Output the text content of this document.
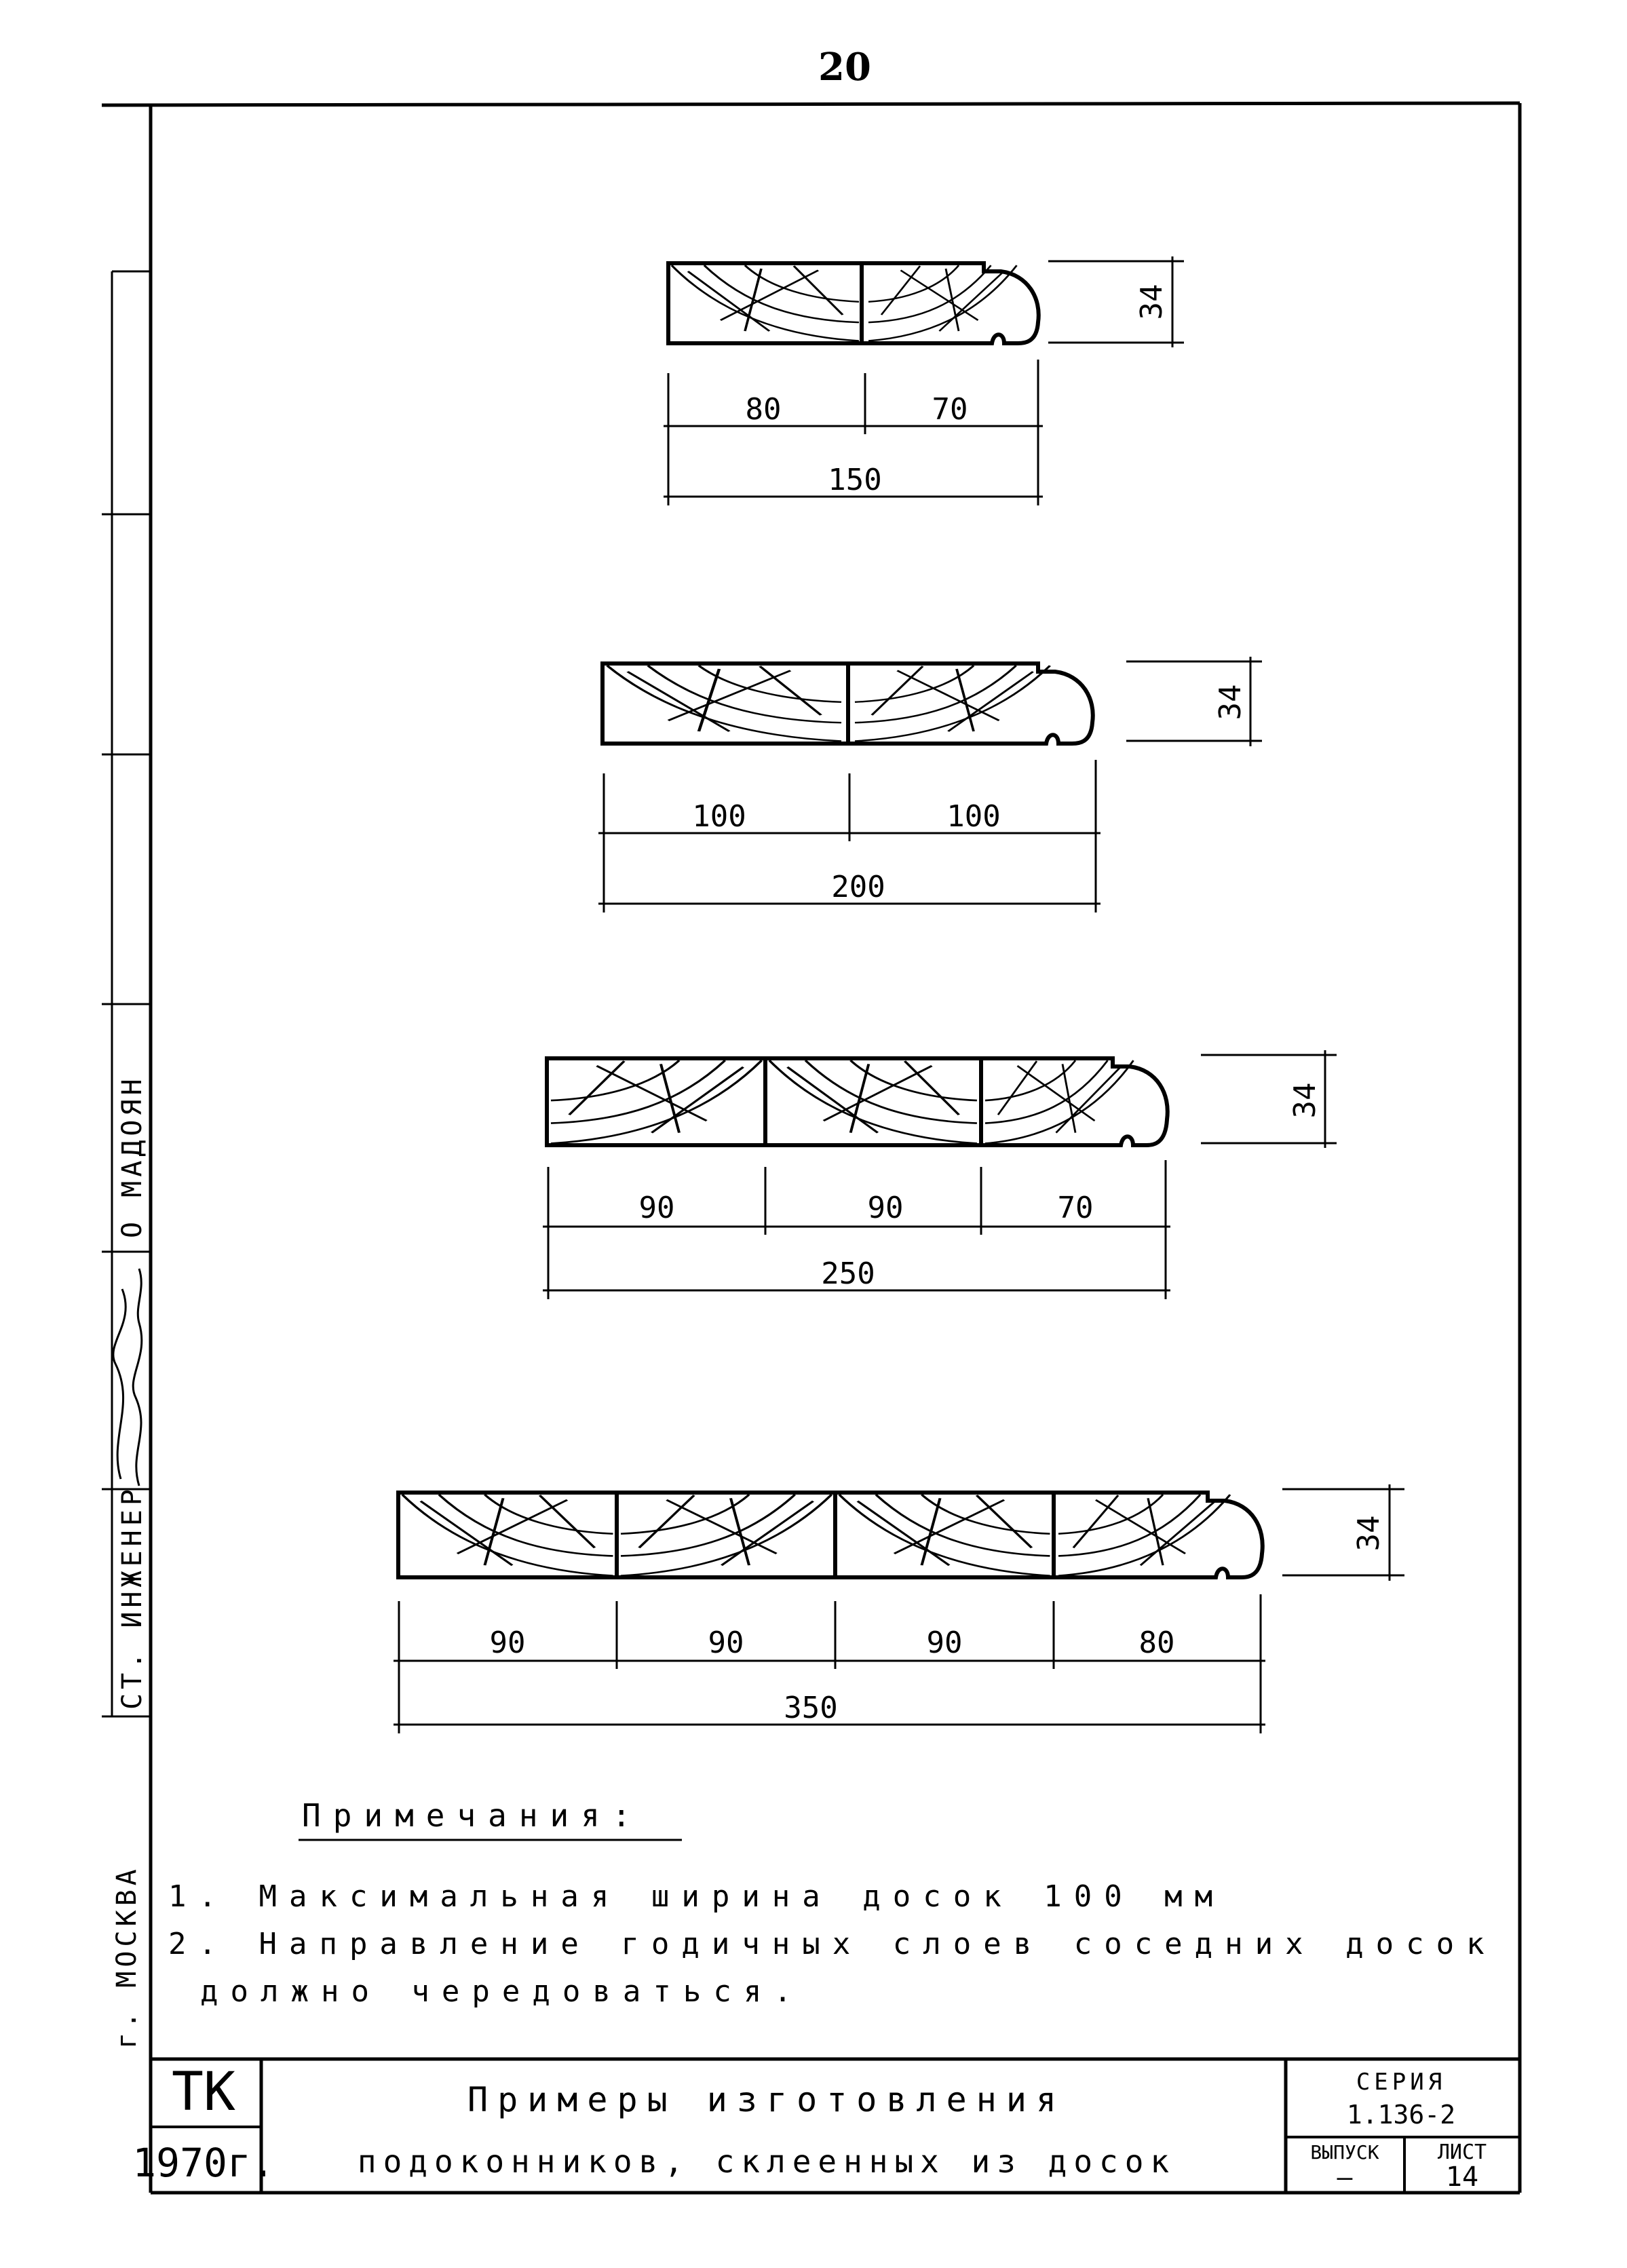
20
СТ. ИНЖЕНЕР
О МАДОЯН
г. МОСКВА
34
80	70
150
34
100	100
200
34
90	90	70
250
34
90	90	90	80
350
Примечания:
1. Максимальная ширина досок 100 мм
2. Направление годичных слоев соседних досок
должно чередоваться.
ТК
1970г.
Примеры изготовления
подоконников, склеенных из досок
СЕРИЯ
1.136-2
ВЫПУСК
—
ЛИСТ
14
